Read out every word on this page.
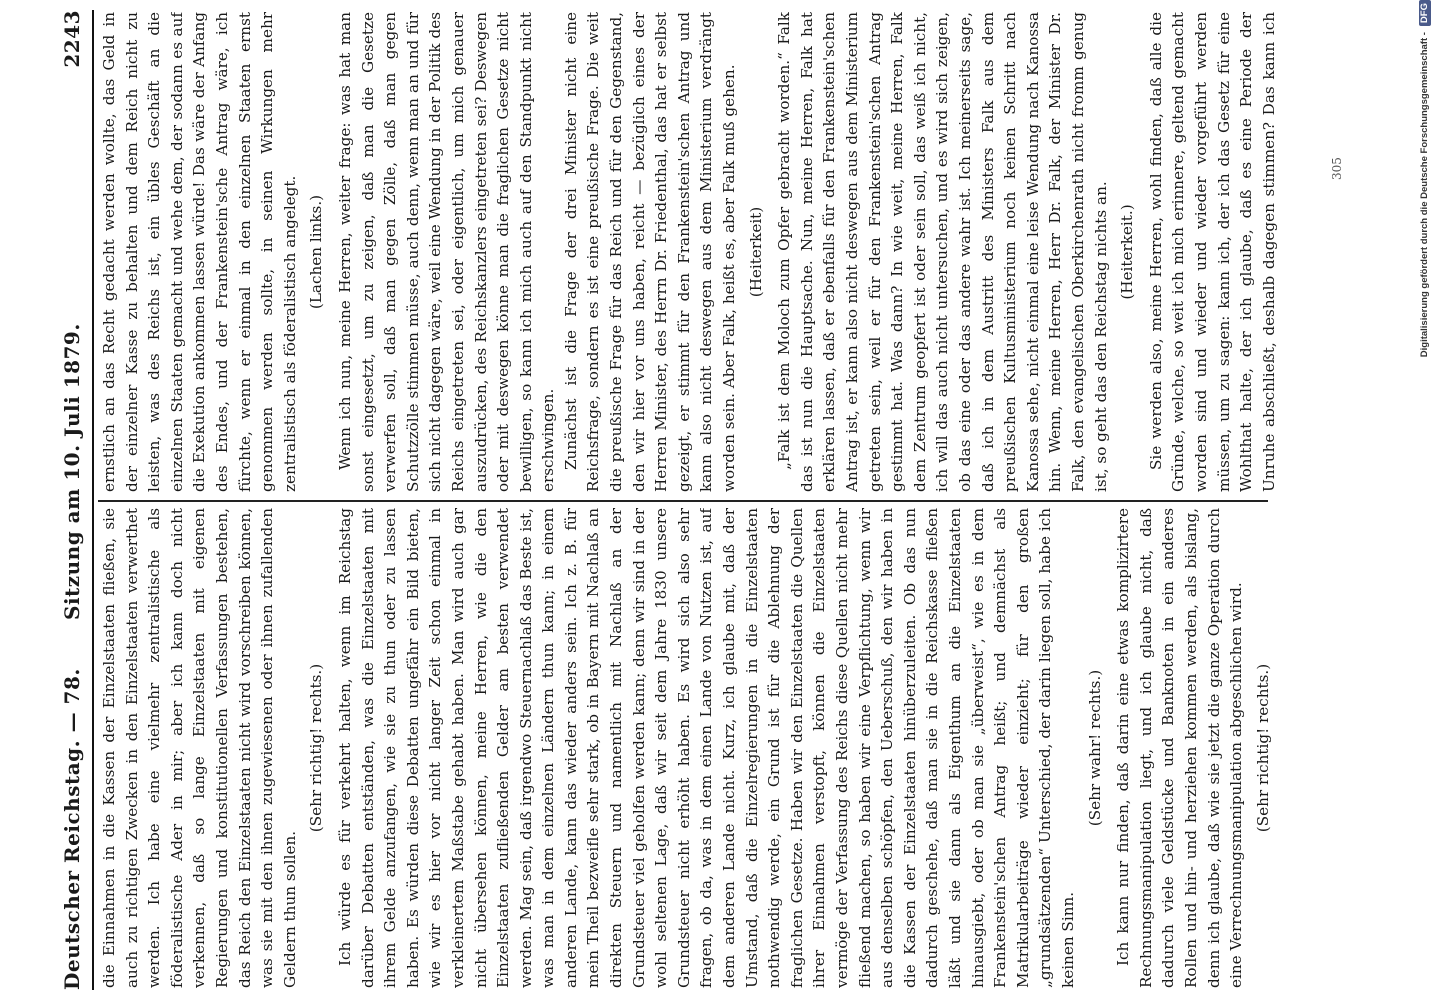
Deutscher Reichstag. — 78.
Sitzung am 10. Juli 1879.
2243

die Einnahmen in die Kassen der Einzelstaaten fließen, sie auch zu richtigen Zwecken in den Einzelstaaten verwerthet werden. Ich habe eine vielmehr zentralistische als föderalistische Ader in mir; aber ich kann doch nicht verkennen, daß so lange Einzelstaaten mit eigenen Regierungen und konstitutionellen Verfassungen bestehen, das Reich den Einzelstaaten nicht wird vorschreiben können, was sie mit den ihnen zugewiesenen oder ihnen zufallenden Geldern thun sollen.

(Sehr richtig! rechts.) Ich würde es für verkehrt halten, wenn im Reichstag darüber Debatten entständen, was die Einzelstaaten mit ihrem Gelde anzufangen, wie sie zu thun oder zu lassen haben. Es würden diese Debatten ungefähr ein Bild bieten, wie wir es hier vor nicht langer Zeit schon einmal in verkleinertem Maßstabe gehabt haben. Man wird auch gar nicht übersehen können, meine Herren, wie die den Einzelstaaten zufließenden Gelder am besten verwendet werden. Mag sein, daß irgendwo Steuernachlaß das Beste ist, was man in dem einzelnen Ländern thun kann; in einem anderen Lande, kann das wieder anders sein. Ich z. B. für mein Theil bezweifle sehr stark, ob in Bayern mit Nachlaß an direkten Steuern und namentlich mit Nachlaß an der Grundsteuer viel geholfen werden kann; denn wir sind in der wohl seltenen Lage, daß wir seit dem Jahre 1830 unsere Grundsteuer nicht erhöht haben. Es wird sich also sehr fragen, ob da, was in dem einen Lande von Nutzen ist, auf dem anderen Lande nicht. Kurz, ich glaube mit, daß der Umstand, daß die Einzelregierungen in die Einzelstaaten nothwendig werde, ein Grund ist für die Ablehnung der fraglichen Gesetze. Haben wir den Einzelstaaten die Quellen ihrer Einnahmen verstopft, können die Einzelstaaten vermöge der Verfassung des Reichs diese Quellen nicht mehr fließend machen, so haben wir eine Verpflichtung, wenn wir aus denselben schöpfen, den Ueberschuß, den wir haben in die Kassen der Einzelstaaten hinüberzuleiten. Ob das nun dadurch geschehe, daß man sie in die Reichskasse fließen läßt und sie dann als Eigenthum an die Einzelstaaten hinausgiebt, oder ob man sie „überweist“, wie es in dem Frankenstein'schen Antrag heißt; und demnächst als Matrikularbeiträge wieder einzieht; für den großen „grundsätzenden“ Unterschied, der darin liegen soll, habe ich keinen Sinn.

(Sehr wahr! rechts.) Ich kann nur finden, daß darin eine etwas komplizirtere Rechnungsmanipulation liegt, und ich glaube nicht, daß dadurch viele Geldstücke und Banknoten in ein anderes Rollen und hin- und herziehen kommen werden, als bislang, denn ich glaube, daß wie sie jetzt die ganze Operation durch eine Verrechnungsmanipulation abgeschlichen wird. (Sehr richtig! rechts.)

ernstlich an das Recht gedacht werden wollte, das Geld in der einzelner Kasse zu behalten und dem Reich nicht zu leisten, was des Reichs ist, ein übles Geschäft an die einzelnen Staaten gemacht und wehe dem, der sodann es auf die Exekution ankommen lassen würde! Das wäre der Anfang des Endes, und der Frankenstein'sche Antrag wäre, ich fürchte, wenn er einmal in den einzelnen Staaten ernst genommen werden sollte, in seinen Wirkungen mehr zentralistisch als föderalistisch angelegt. (Lachen links.) Wenn ich nun, meine Herren, weiter frage: was hat man sonst eingesetzt, um zu zeigen, daß man die Gesetze verwerfen soll, daß man gegen Zölle, daß man gegen Schutzzölle stimmen müsse, auch denn, wenn man an und für sich nicht dagegen wäre, weil eine Wendung in der Politik des Reichs eingetreten sei, oder eigentlich, um mich genauer auszudrücken, des Reichskanzlers eingetreten sei? Deswegen oder mit deswegen könne man die fraglichen Gesetze nicht bewilligen, so kann ich mich auch auf den Standpunkt nicht erschwingen. Zunächst ist die Frage der drei Minister nicht eine Reichsfrage, sondern es ist eine preußische Frage. Die weit die preußische Frage für das Reich und für den Gegenstand, den wir hier vor uns haben, reicht — bezüglich eines der Herren Minister, des Herrn Dr. Friedenthal, das hat er selbst gezeigt, er stimmt für den Frankenstein'schen Antrag und kann also nicht deswegen aus dem Ministerium verdrängt worden sein. Aber Falk, heißt es, aber Falk muß gehen. (Heiterkeit) „Falk ist dem Moloch zum Opfer gebracht worden.“ Falk das ist nun die Hauptsache. Nun, meine Herren, Falk hat erklären lassen, daß er ebenfalls für den Frankenstein'schen Antrag ist, er kann also nicht deswegen aus dem Ministerium getreten sein, weil er für den Frankenstein'schen Antrag gestimmt hat. Was dann? In wie weit, meine Herren, Falk dem Zentrum geopfert ist oder sein soll, das weiß ich nicht, ich will das auch nicht untersuchen, und es wird sich zeigen, ob das eine oder das andere wahr ist. Ich meinerseits sage, daß ich in dem Austritt des Ministers Falk aus dem preußischen Kultusministerium noch keinen Schritt nach Kanossa sehe, nicht einmal eine leise Wendung nach Kanossa hin. Wenn, meine Herren, Herr Dr. Falk, der Minister Dr. Falk, den evangelischen Oberkirchenrath nicht fromm genug ist, so geht das den Reichstag nichts an. (Heiterkeit.)

Sie werden also, meine Herren, wohl finden, daß alle die Gründe, welche, so weit ich mich erinnere, geltend gemacht worden sind und wieder und wieder vorgeführt werden müssen, um zu sagen: kann ich, der ich das Gesetz für eine Wohlthat halte, der ich glaube, daß es eine Periode der Unruhe abschließt, deshalb dagegen stimmen? Das kann ich

305	Digitalisierung gefördert durch die Deutsche Forschungsgemeinschaft -DFG
